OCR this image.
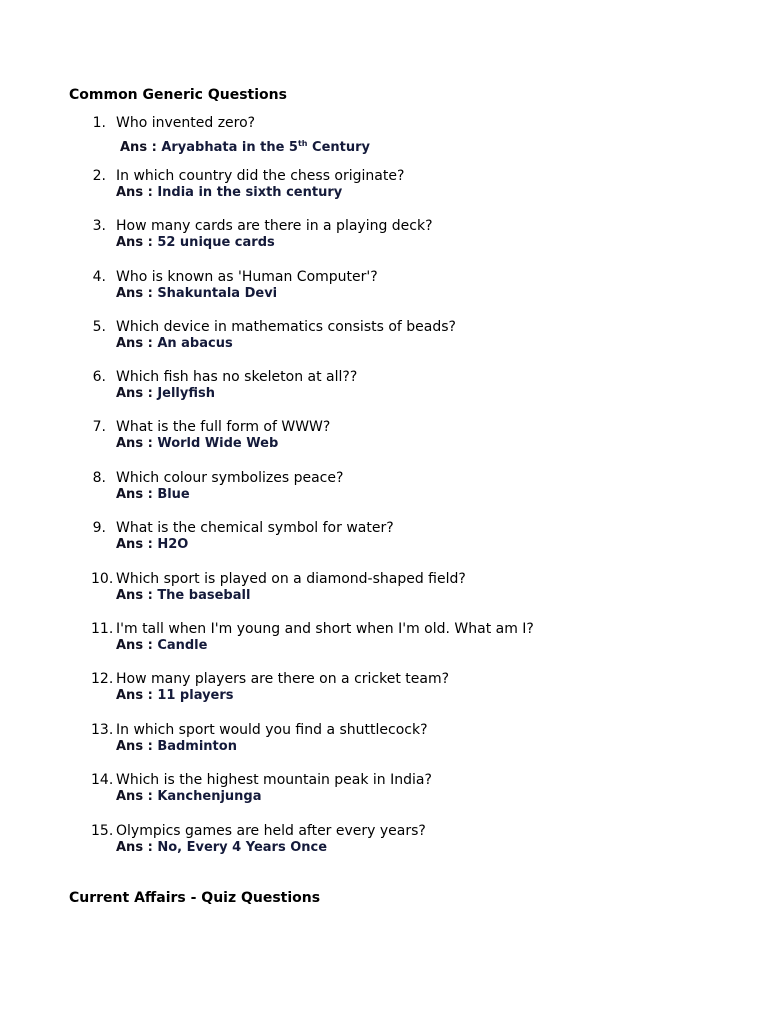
Common Generic Questions
1. Who invented zero?
Ans : Aryabhata in the 5th Century
2. In which country did the chess originate?
Ans : India in the sixth century
3. How many cards are there in a playing deck?
Ans : 52 unique cards
4. Who is known as 'Human Computer'?
Ans : Shakuntala Devi
5. Which device in mathematics consists of beads?
Ans : An abacus
6. Which fish has no skeleton at all??
Ans : Jellyfish
7. What is the full form of WWW?
Ans : World Wide Web
8. Which colour symbolizes peace?
Ans : Blue
9. What is the chemical symbol for water?
Ans : H2O
10. Which sport is played on a diamond-shaped field?
Ans : The baseball
11. I'm tall when I'm young and short when I'm old. What am I?
Ans : Candle
12. How many players are there on a cricket team?
Ans : 11 players
13. In which sport would you find a shuttlecock?
Ans : Badminton
14. Which is the highest mountain peak in India?
Ans : Kanchenjunga
15. Olympics games are held after every years?
Ans : No, Every 4 Years Once
Current Affairs - Quiz Questions
